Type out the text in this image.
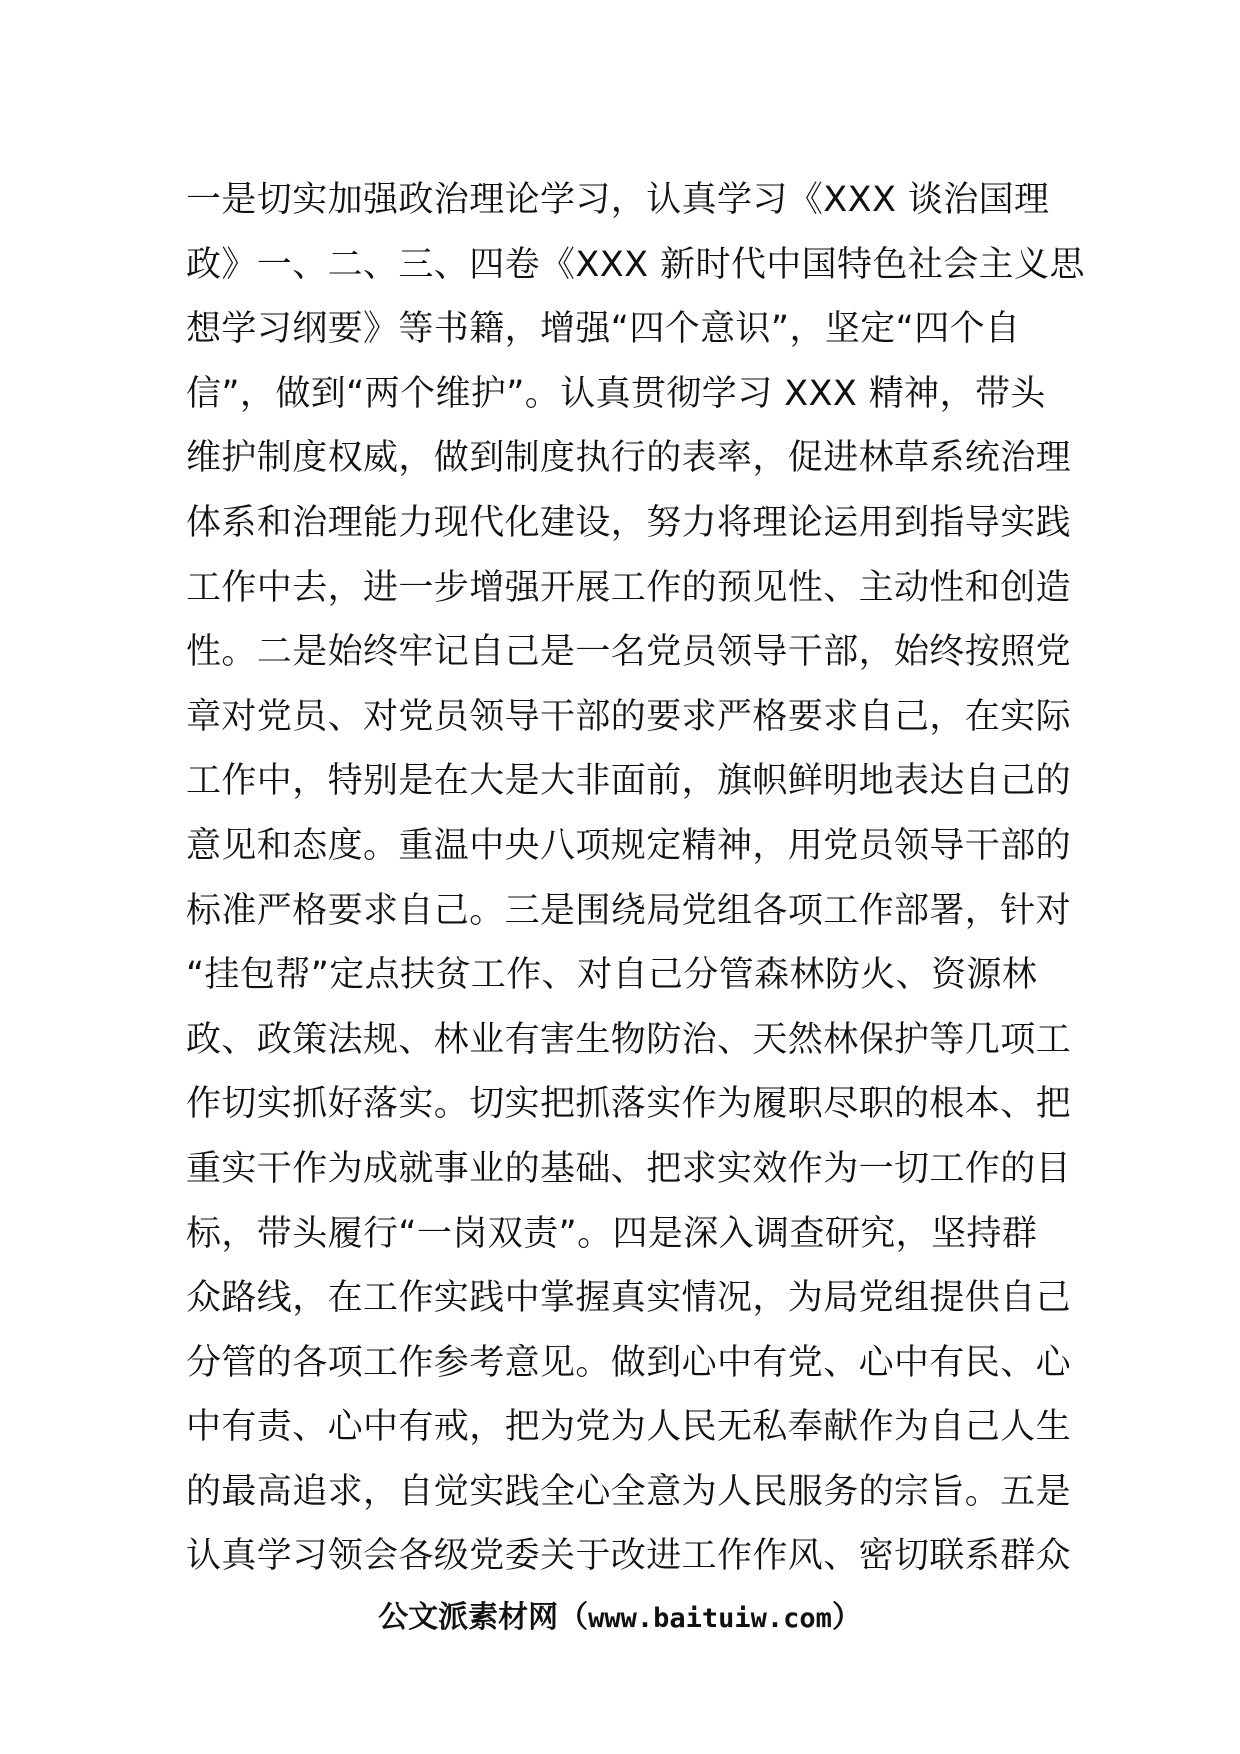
一是切实加强政治理论学习，认真学习《XXX 谈治国理
政》一、二、三、四卷《XXX 新时代中国特色社会主义思
想学习纲要》等书籍，增强“四个意识”，坚定“四个自
信”，做到“两个维护”。认真贯彻学习 XXX 精神，带头
维护制度权威，做到制度执行的表率，促进林草系统治理
体系和治理能力现代化建设，努力将理论运用到指导实践
工作中去，进一步增强开展工作的预见性、主动性和创造
性。二是始终牢记自己是一名党员领导干部，始终按照党
章对党员、对党员领导干部的要求严格要求自己，在实际
工作中，特别是在大是大非面前，旗帜鲜明地表达自己的
意见和态度。重温中央八项规定精神，用党员领导干部的
标准严格要求自己。三是围绕局党组各项工作部署，针对
“挂包帮”定点扶贫工作、对自己分管森林防火、资源林
政、政策法规、林业有害生物防治、天然林保护等几项工
作切实抓好落实。切实把抓落实作为履职尽职的根本、把
重实干作为成就事业的基础、把求实效作为一切工作的目
标，带头履行“一岗双责”。四是深入调查研究，坚持群
众路线，在工作实践中掌握真实情况，为局党组提供自己
分管的各项工作参考意见。做到心中有党、心中有民、心
中有责、心中有戒，把为党为人民无私奉献作为自己人生
的最高追求，自觉实践全心全意为人民服务的宗旨。五是
认真学习领会各级党委关于改进工作作风、密切联系群众
公文派素材网（www.baituiw.com）
